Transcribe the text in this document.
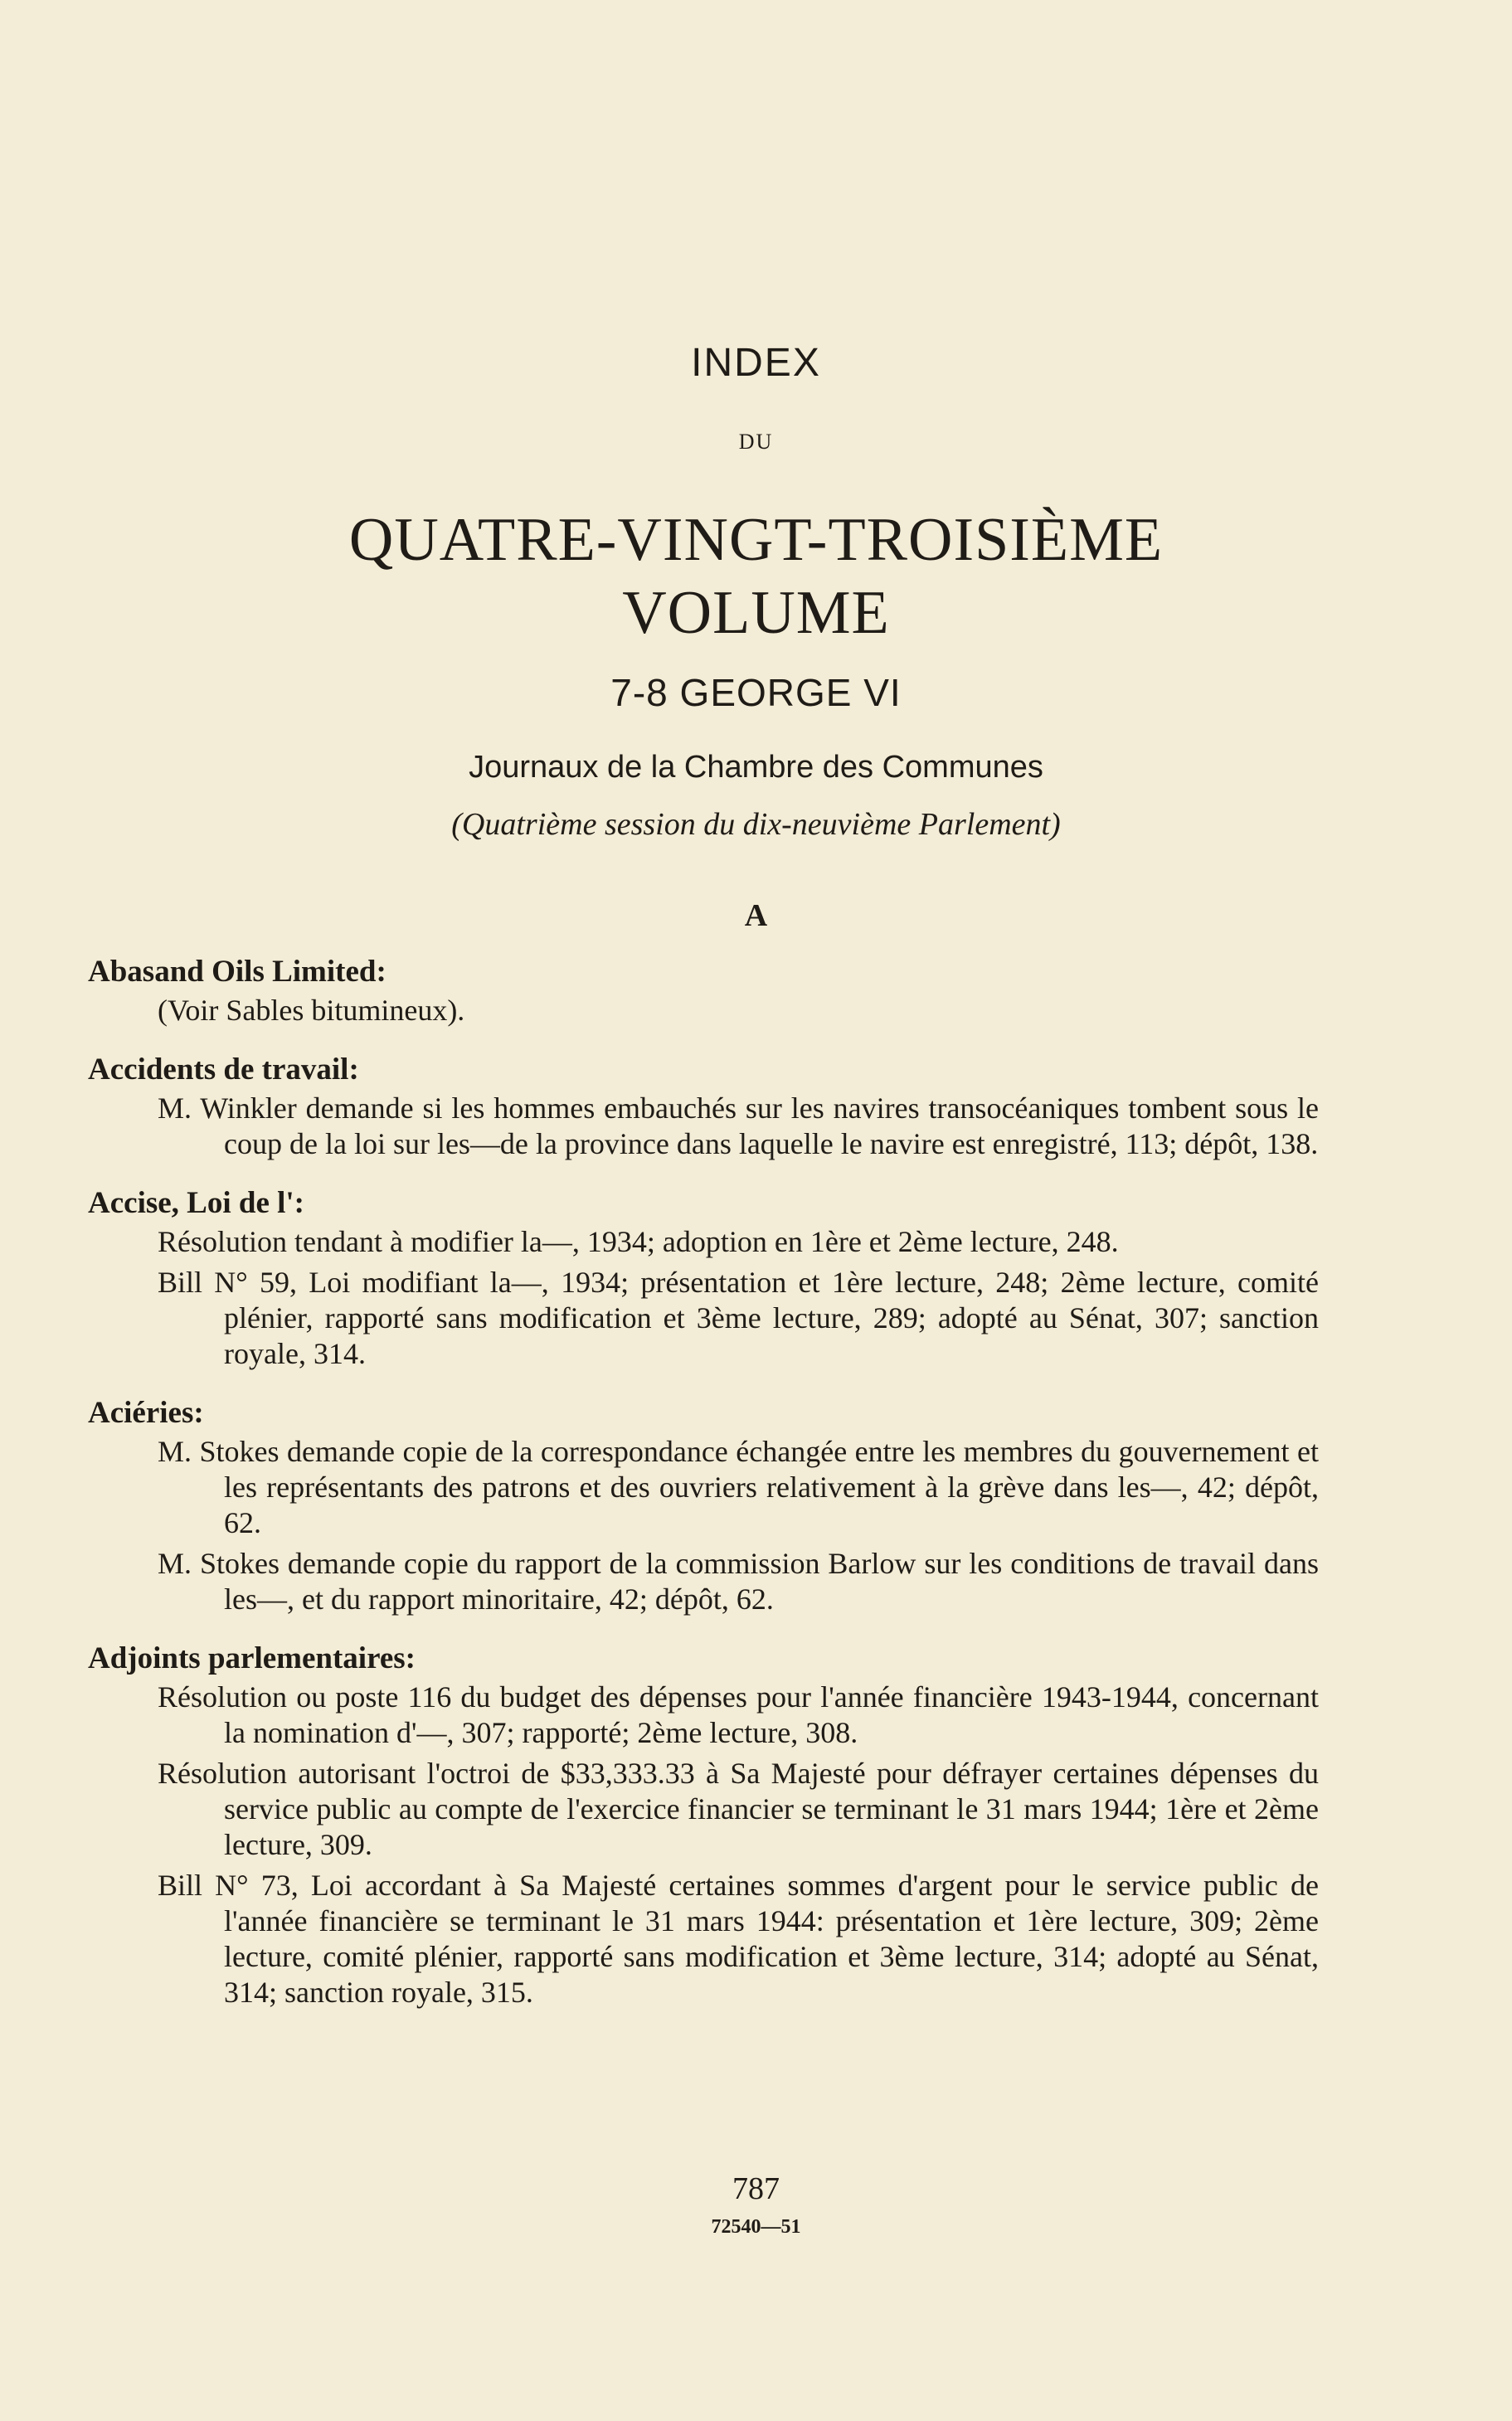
INDEX
DU
QUATRE-VINGT-TROISIÈME
VOLUME
7-8 GEORGE VI
Journaux de la Chambre des Communes
(Quatrième session du dix-neuvième Parlement)
A
Abasand Oils Limited:
(Voir Sables bitumineux).
Accidents de travail:
M. Winkler demande si les hommes embauchés sur les navires transocéaniques tombent sous le coup de la loi sur les—de la province dans laquelle le navire est enregistré, 113; dépôt, 138.
Accise, Loi de l':
Résolution tendant à modifier la—, 1934; adoption en 1ère et 2ème lecture, 248.
Bill N° 59, Loi modifiant la—, 1934; présentation et 1ère lecture, 248; 2ème lecture, comité plénier, rapporté sans modification et 3ème lecture, 289; adopté au Sénat, 307; sanction royale, 314.
Aciéries:
M. Stokes demande copie de la correspondance échangée entre les membres du gouvernement et les représentants des patrons et des ouvriers relativement à la grève dans les—, 42; dépôt, 62.
M. Stokes demande copie du rapport de la commission Barlow sur les conditions de travail dans les—, et du rapport minoritaire, 42; dépôt, 62.
Adjoints parlementaires:
Résolution ou poste 116 du budget des dépenses pour l'année financière 1943-1944, concernant la nomination d'—, 307; rapporté; 2ème lecture, 308.
Résolution autorisant l'octroi de $33,333.33 à Sa Majesté pour défrayer certaines dépenses du service public au compte de l'exercice financier se terminant le 31 mars 1944; 1ère et 2ème lecture, 309.
Bill N° 73, Loi accordant à Sa Majesté certaines sommes d'argent pour le service public de l'année financière se terminant le 31 mars 1944: présentation et 1ère lecture, 309; 2ème lecture, comité plénier, rapporté sans modification et 3ème lecture, 314; adopté au Sénat, 314; sanction royale, 315.
787
72540—51
